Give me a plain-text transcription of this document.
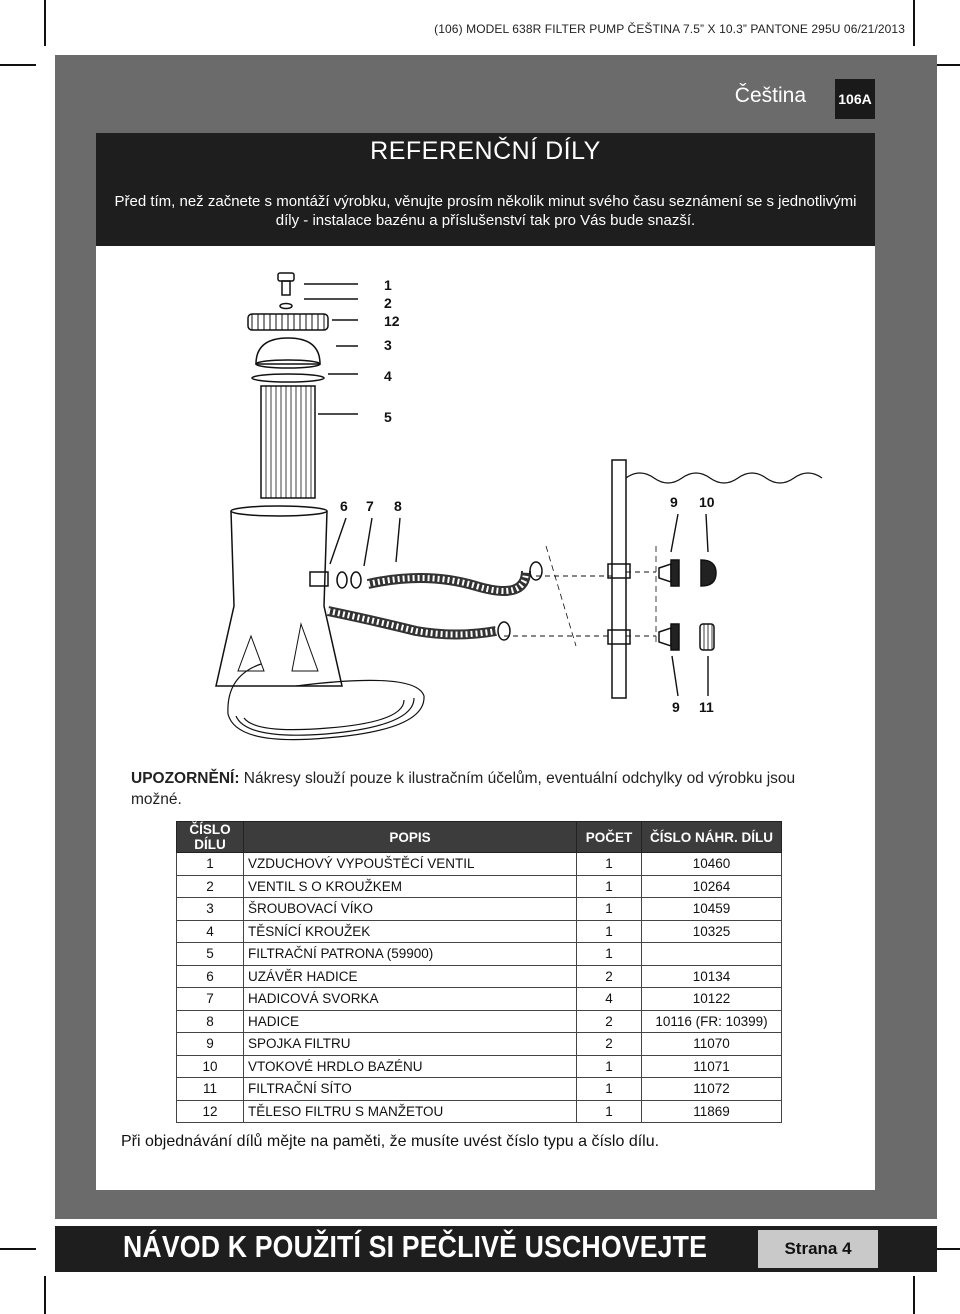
(106) MODEL 638R FILTER PUMP ČEŠTINA 7.5” X 10.3” PANTONE 295U 06/21/2013
Čeština 106A
REFERENČNÍ DÍLY
Před tím, než začnete s montáží výrobku, věnujte prosím několik minut svého času seznámení se s jednotlivými díly - instalace bazénu a příslušenství tak pro Vás bude snazší.
1
2
12
3
4
5
6 7 8	9 10
9 11
UPOZORNĚNÍ: Nákresy slouží pouze k ilustračním účelům, eventuální odchylky od výrobku jsou možné.
ČÍSLO DÍLU	POPIS	POČET	ČÍSLO NÁHR. DÍLU
1	VZDUCHOVÝ VYPOUŠTĚCÍ VENTIL	1	10460
2	VENTIL S O KROUŽKEM	1	10264
3	ŠROUBOVACÍ VÍKO	1	10459
4	TĚSNÍCÍ KROUŽEK	1	10325
5	FILTRAČNÍ PATRONA (59900)	1	
6	UZÁVĚR HADICE	2	10134
7	HADICOVÁ SVORKA	4	10122
8	HADICE	2	10116 (FR: 10399)
9	SPOJKA FILTRU	2	11070
10	VTOKOVÉ HRDLO BAZÉNU	1	11071
11	FILTRAČNÍ SÍTO	1	11072
12	TĚLESO FILTRU S MANŽETOU	1	11869
Při objednávání dílů mějte na paměti, že musíte uvést číslo typu a číslo dílu.
NÁVOD K POUŽITÍ SI PEČLIVĚ USCHOVEJTE	Strana 4
